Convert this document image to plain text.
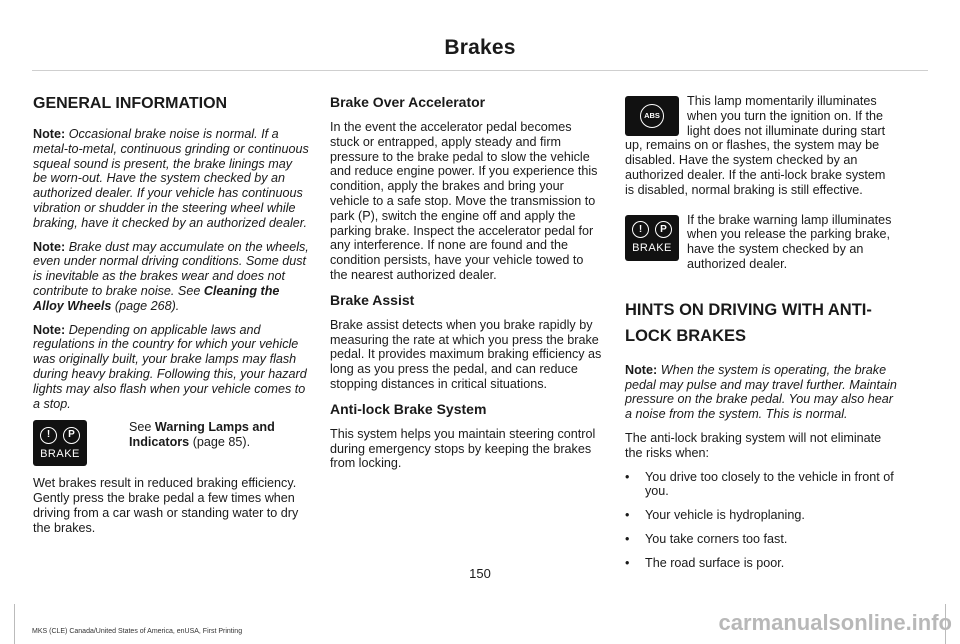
Brakes
GENERAL INFORMATION

Note: Occasional brake noise is normal. If a metal-to-metal, continuous grinding or continuous squeal sound is present, the brake linings may be worn-out. Have the system checked by an authorized dealer. If your vehicle has continuous vibration or shudder in the steering wheel while braking, have it checked by an authorized dealer.

Note: Brake dust may accumulate on the wheels, even under normal driving conditions. Some dust is inevitable as the brakes wear and does not contribute to brake noise. See Cleaning the Alloy Wheels (page 268).

Note: Depending on applicable laws and regulations in the country for which your vehicle was originally built, your brake lamps may flash during heavy braking. Following this, your hazard lights may also flash when your vehicle comes to a stop.

!	P
BRAKE
See Warning Lamps and Indicators (page 85).

Wet brakes result in reduced braking efficiency. Gently press the brake pedal a few times when driving from a car wash or standing water to dry the brakes.

Brake Over Accelerator

In the event the accelerator pedal becomes stuck or entrapped, apply steady and firm pressure to the brake pedal to slow the vehicle and reduce engine power. If you experience this condition, apply the brakes and bring your vehicle to a safe stop. Move the transmission to park (P), switch the engine off and apply the parking brake. Inspect the accelerator pedal for any interference. If none are found and the condition persists, have your vehicle towed to the nearest authorized dealer.

Brake Assist

Brake assist detects when you brake rapidly by measuring the rate at which you press the brake pedal. It provides maximum braking efficiency as long as you press the pedal, and can reduce stopping distances in critical situations.

Anti-lock Brake System

This system helps you maintain steering control during emergency stops by keeping the brakes from locking.

ABS

This lamp momentarily illuminates when you turn the ignition on. If the light does not illuminate during start up, remains on or flashes, the system may be disabled. Have the system checked by an authorized dealer. If the anti-lock brake system is disabled, normal braking is still effective.

!	P
BRAKE

If the brake warning lamp illuminates when you release the parking brake, have the system checked by an authorized dealer.

HINTS ON DRIVING WITH ANTI-LOCK BRAKES

Note: When the system is operating, the brake pedal may pulse and may travel further. Maintain pressure on the brake pedal. You may also hear a noise from the system. This is normal.

The anti-lock braking system will not eliminate the risks when:

• You drive too closely to the vehicle in front of you.
• Your vehicle is hydroplaning.
• You take corners too fast.
• The road surface is poor.
150
MKS (CLE) Canada/United States of America, enUSA, First Printing	carmanualsonline.info
